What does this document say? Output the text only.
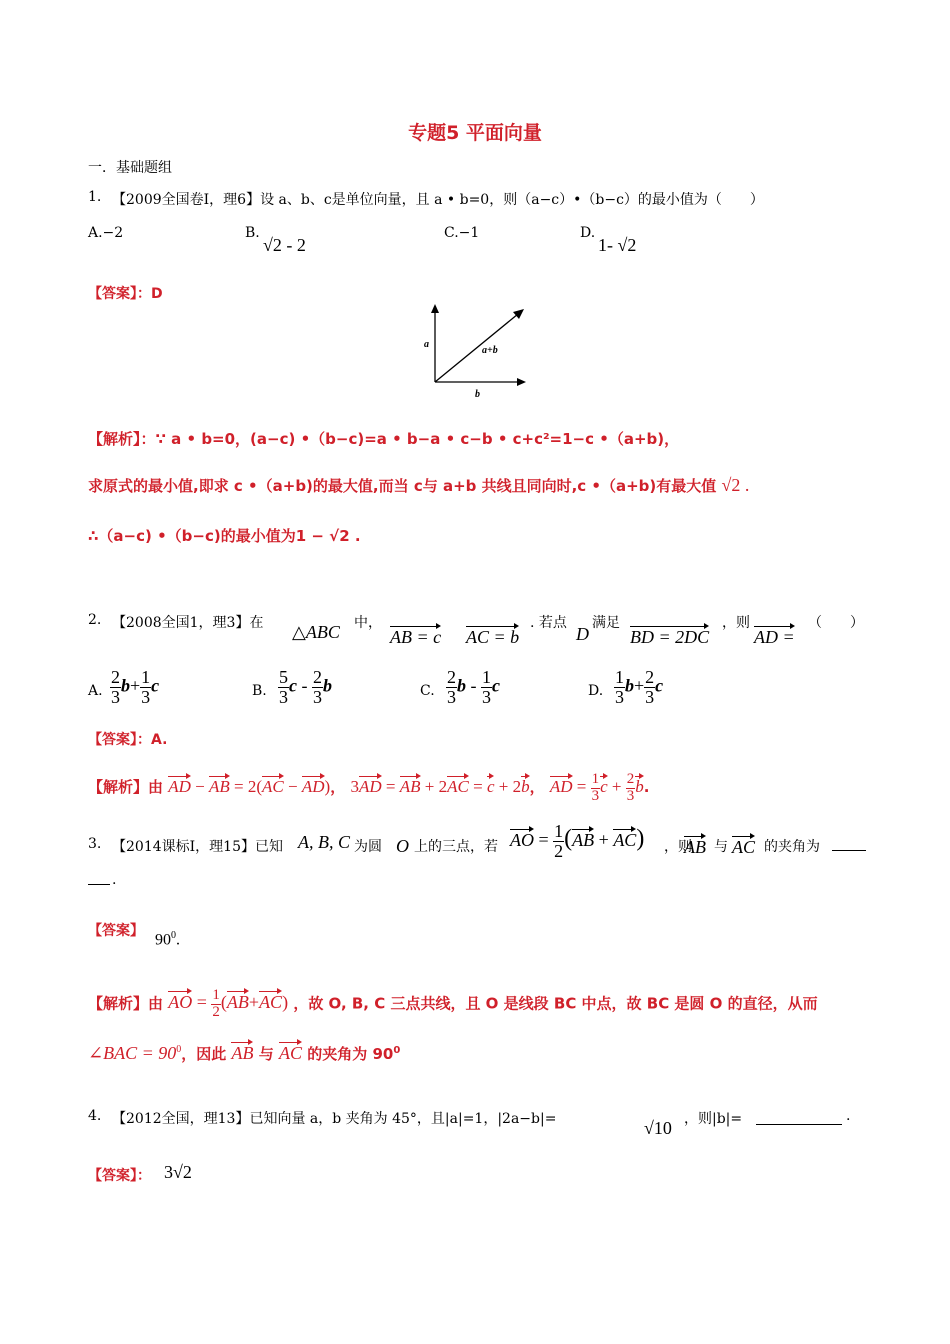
专题5 平面向量
一．基础题组
1. 【2009全国卷Ⅰ，理6】设 a、b、c是单位向量，且 a • b=0，则（a−c）•（b−c）的最小值为（　　）
A.−2	B.
√2 - 2
C.−1	D.
1- √2
【答案】：D
a
b
a+b
【解析】：∵ a • b=0，(a−c) •（b−c)=a • b−a • c−b • c+c²=1−c •（a+b)，
求原式的最小值,即求 c •（a+b)的最大值,而当 c与 a+b 共线且同向时,c •（a+b)有最大值 √2 .
∴（a−c) •（b−c)的最小值为1 − √2 .
2. 【2008全国1，理3】在 △ABC 中，
AB = c AC = b
. 若点
D
满足
BD = 2DC
，则
AD =
（　　）
A. $\frac{2}{3} b+ \frac{1}{3}$ c	B. $\frac{5}{3}$ c - $\frac{2}{3}$ b	C. $\frac{2}{3}$ b - $\frac{1}{3}$ c	D. $\frac{1}{3} b+ \frac{2}{3}$ c
【答案】：A.
【解析】由 AD − AB = 2(AC − AD)， 3AD = AB + 2AC = c + 2b， AD = $\frac{1}{3}$ $c + \frac{2}{3} b$.
3. 【2014课标Ⅰ，理15】已知 A, B, C 为圆 O 上的三点，若 AO = $\frac{1}{2} (AB + AC)$ ，则
AB 与 AC 的夹角为
.
【答案】
$90^0$.
【解析】由 AO = $\frac{1}{2} (AB+AC)$ ，故 O, B, C 三点共线，且 O 是线段 BC 中点，故 BC 是圆 O 的直径，从而
∠BAC = $90^0$，因此 AB 与 AC 的夹角为 $90^0$
4. 【2012全国，理13】已知向量 a，b 夹角为 45°，且|a|=1，|2a−b|=	√10 ，则|b|=	.
【答案】： 3√2
